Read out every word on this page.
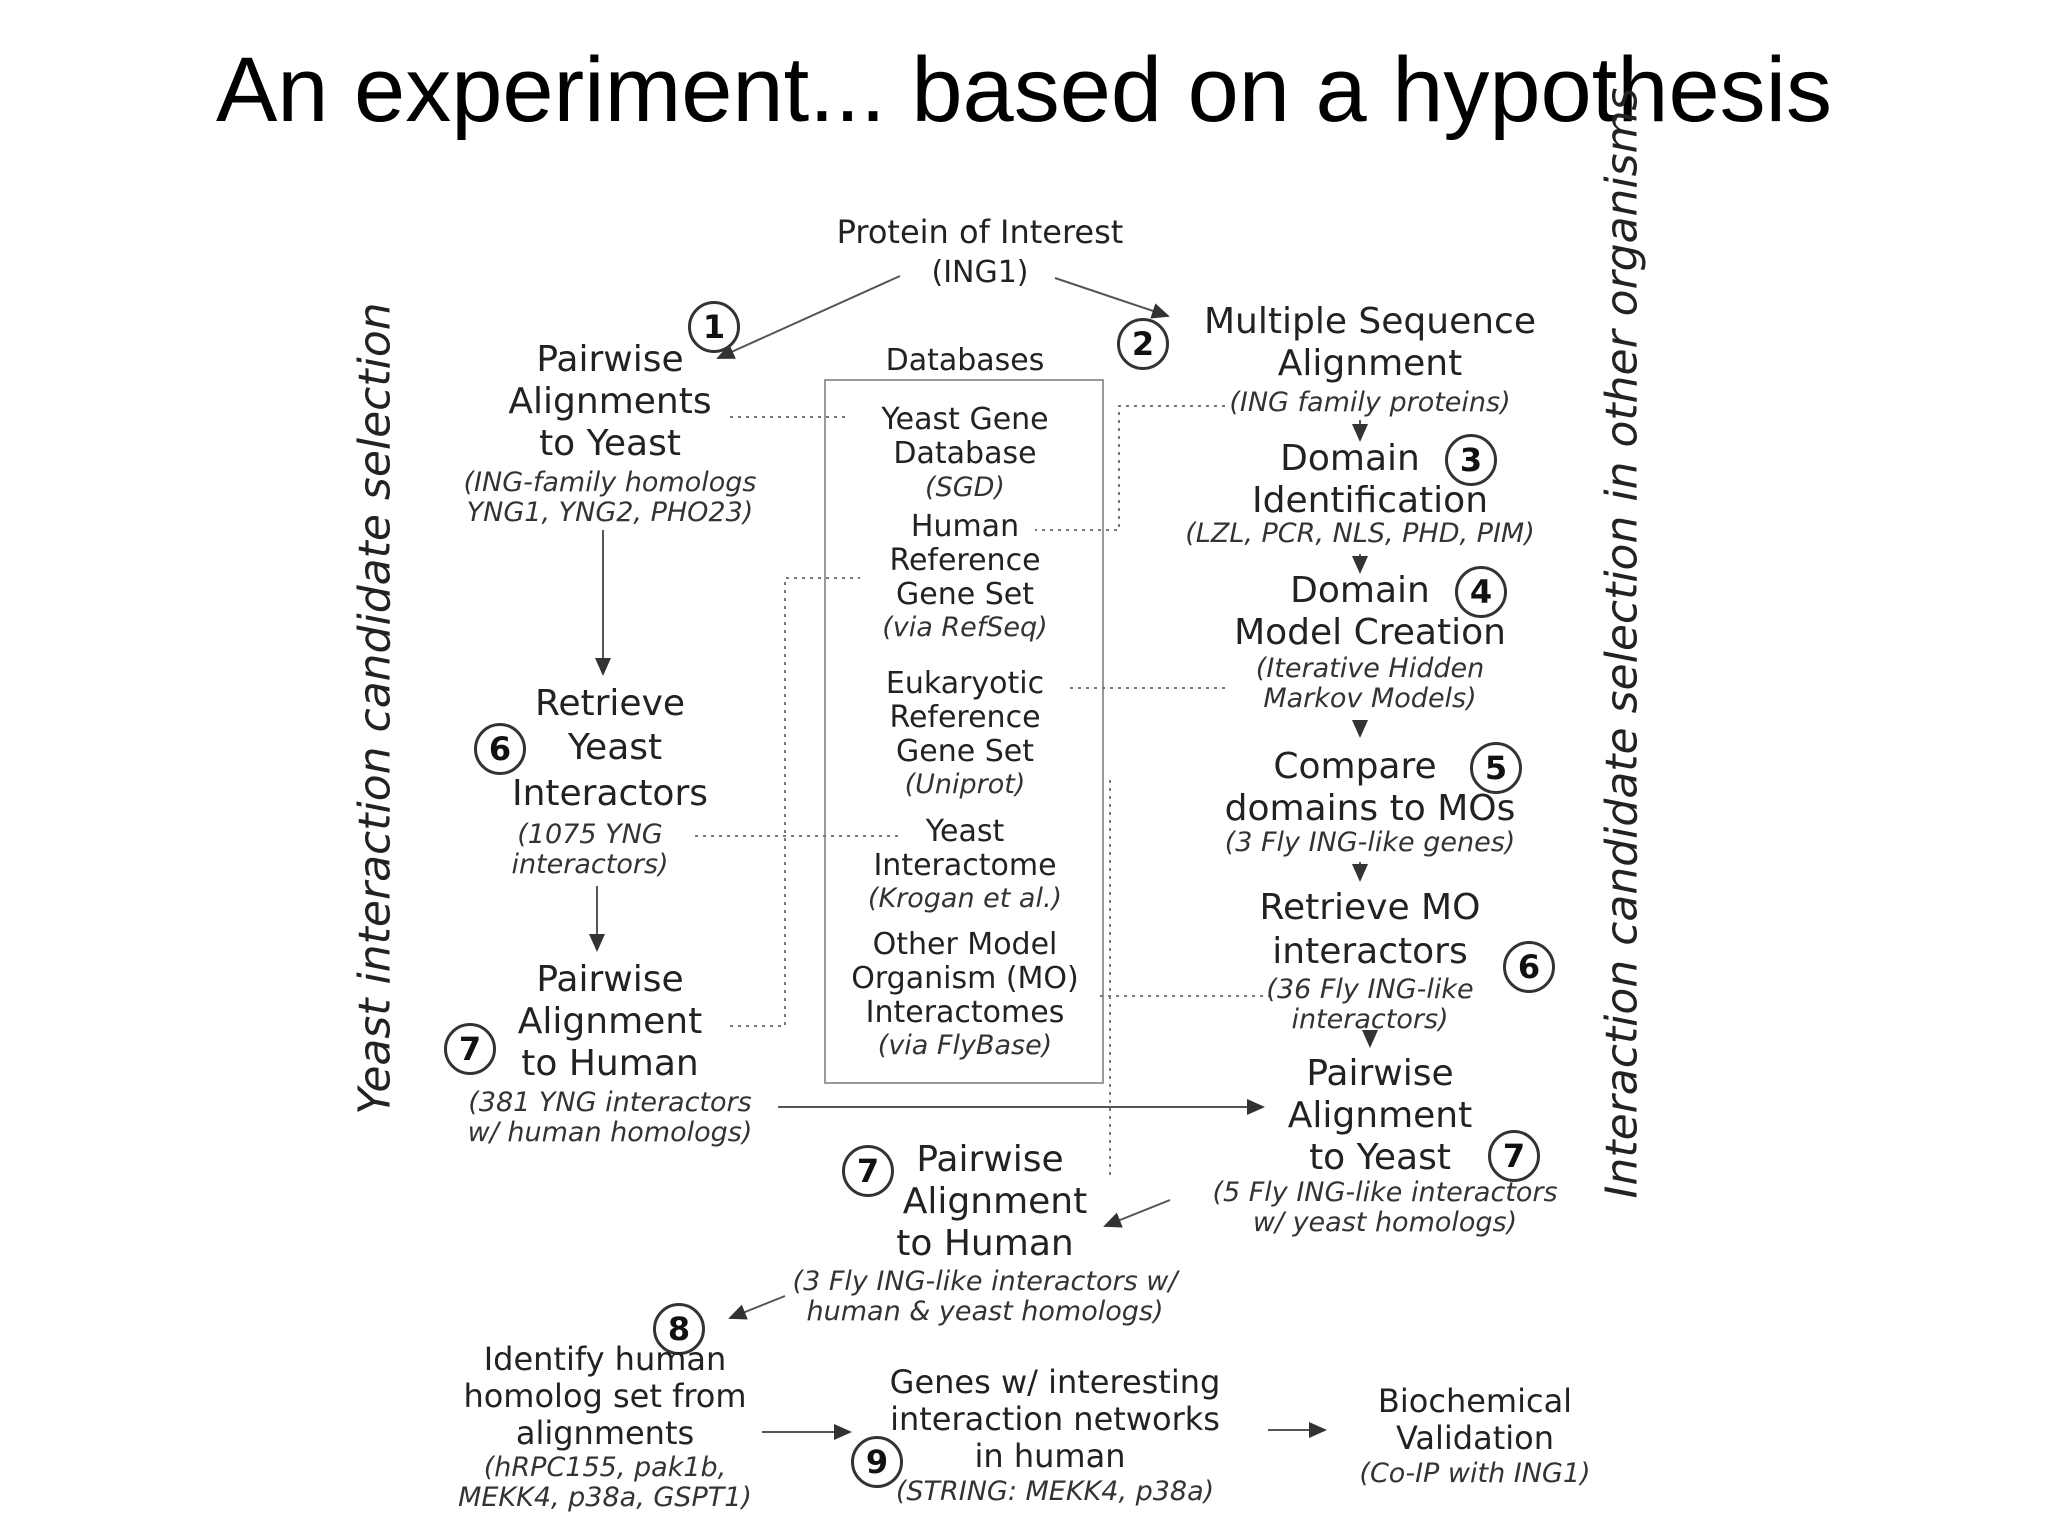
An experiment... based on a hypothesis
Yeast interaction candidate selection	Interaction candidate selection in other organisms
Protein of Interest
(ING1)
1
Pairwise
Alignments
to Yeast
(ING-family homologs
YNG1, YNG2, PHO23)
2
Multiple Sequence
Alignment
(ING family proteins)
Databases
Yeast Gene
Database
(SGD)
Human
Reference
Gene Set
(via RefSeq)
Eukaryotic
Reference
Gene Set
(Uniprot)
Yeast
Interactome
(Krogan et al.)
Other Model
Organism (MO)
Interactomes
(via FlyBase)
Domain	3
Identification
(LZL, PCR, NLS, PHD, PIM)
Domain	4
Model Creation
(Iterative Hidden
Markov Models)
Compare	5
domains to MOs
(3 Fly ING-like genes)
Retrieve
6	Yeast
Interactors
(1075 YNG
interactors)
Retrieve MO
interactors	6
(36 Fly ING-like
interactors)
Pairwise
Alignment
7	to Human
(381 YNG interactors
w/ human homologs)
Pairwise
Alignment
to Yeast	7
(5 Fly ING-like interactors
w/ yeast homologs)
7	Pairwise
Alignment
to Human
(3 Fly ING-like interactors w/
human & yeast homologs)
8
Identify human
homolog set from
alignments
(hRPC155, pak1b,
MEKK4, p38a, GSPT1)
Genes w/ interesting
interaction networks
9	in human
(STRING: MEKK4, p38a)
Biochemical
Validation
(Co-IP with ING1)
